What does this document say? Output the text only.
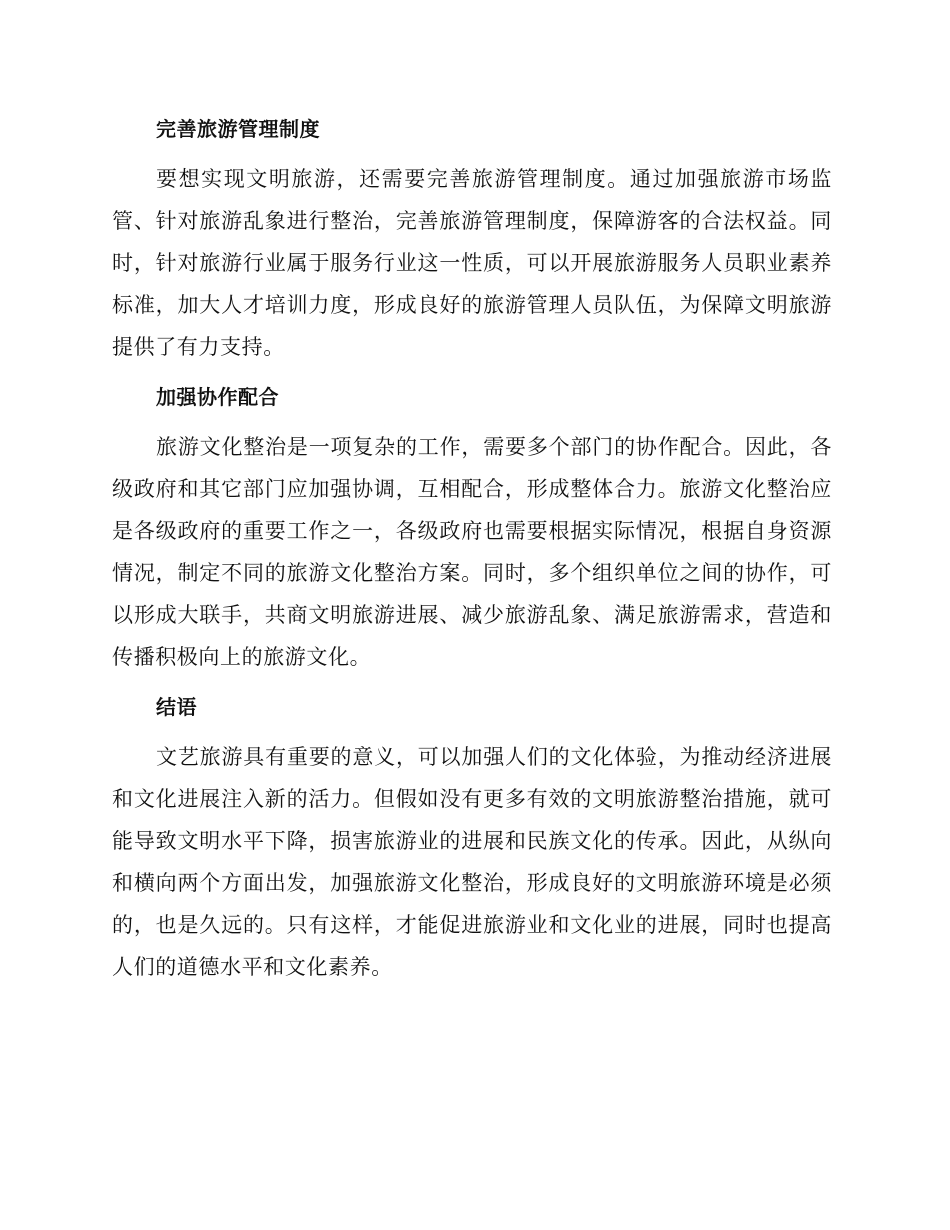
完善旅游管理制度

要想实现文明旅游，还需要完善旅游管理制度。通过加强旅游市场监管、针对旅游乱象进行整治，完善旅游管理制度，保障游客的合法权益。同时，针对旅游行业属于服务行业这一性质，可以开展旅游服务人员职业素养标准，加大人才培训力度，形成良好的旅游管理人员队伍，为保障文明旅游提供了有力支持。

加强协作配合

旅游文化整治是一项复杂的工作，需要多个部门的协作配合。因此，各级政府和其它部门应加强协调，互相配合，形成整体合力。旅游文化整治应是各级政府的重要工作之一，各级政府也需要根据实际情况，根据自身资源情况，制定不同的旅游文化整治方案。同时，多个组织单位之间的协作，可以形成大联手，共商文明旅游进展、减少旅游乱象、满足旅游需求，营造和传播积极向上的旅游文化。

结语

文艺旅游具有重要的意义，可以加强人们的文化体验，为推动经济进展和文化进展注入新的活力。但假如没有更多有效的文明旅游整治措施，就可能导致文明水平下降，损害旅游业的进展和民族文化的传承。因此，从纵向和横向两个方面出发，加强旅游文化整治，形成良好的文明旅游环境是必须的，也是久远的。只有这样，才能促进旅游业和文化业的进展，同时也提高人们的道德水平和文化素养。
